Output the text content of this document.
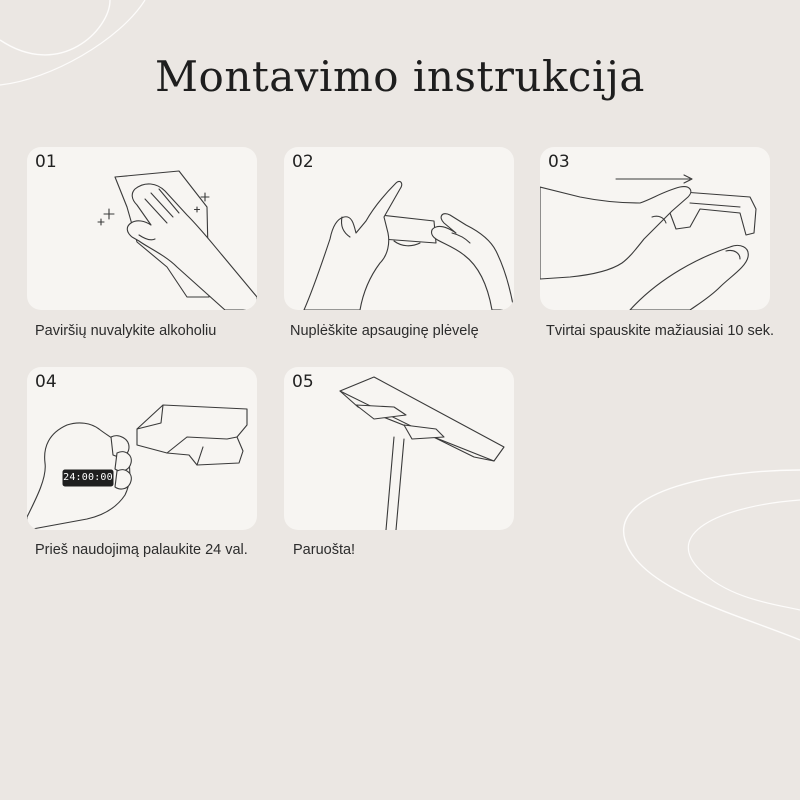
Montavimo instrukcija
01
Paviršių nuvalykite alkoholiu
02
Nuplėškite apsauginę plėvelę
03
Tvirtai spauskite mažiausiai 10 sek.
24:00:00
04
Prieš naudojimą palaukite 24 val.
05
Paruošta!
